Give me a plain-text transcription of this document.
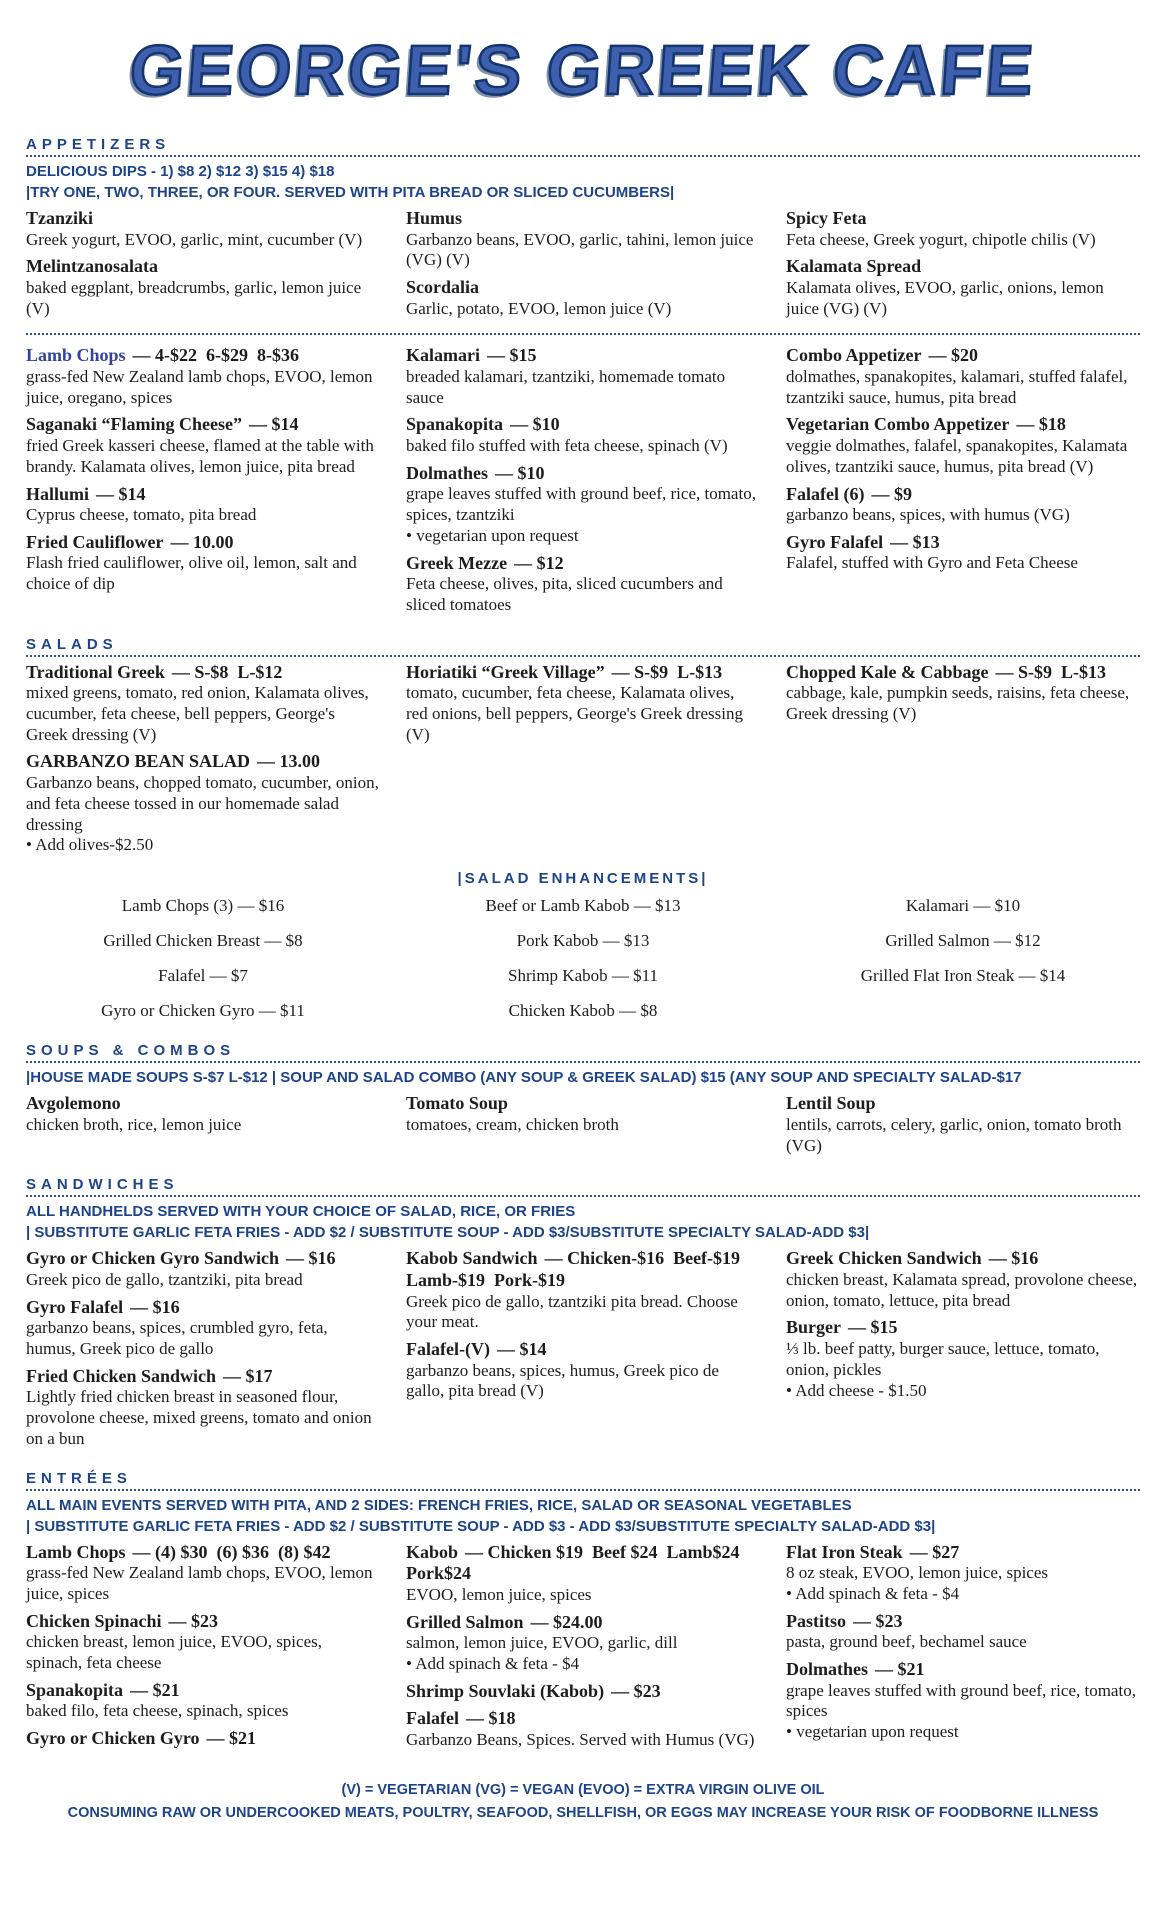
GEORGE'S GREEK CAFE
APPETIZERS
DELICIOUS DIPS - 1) $8 2) $12 3) $15 4) $18
|TRY ONE, TWO, THREE, OR FOUR. SERVED WITH PITA BREAD OR SLICED CUCUMBERS|
Tzanziki
Greek yogurt, EVOO, garlic, mint, cucumber (V)
Melintzanosalata
baked eggplant, breadcrumbs, garlic, lemon juice (V)
Humus
Garbanzo beans, EVOO, garlic, tahini, lemon juice (VG) (V)
Scordalia
Garlic, potato, EVOO, lemon juice (V)
Spicy Feta
Feta cheese, Greek yogurt, chipotle chilis (V)
Kalamata Spread
Kalamata olives, EVOO, garlic, onions, lemon juice (VG) (V)
Lamb Chops — 4-$22  6-$29  8-$36
grass-fed New Zealand lamb chops, EVOO, lemon juice, oregano, spices
Saganaki “Flaming Cheese” — $14
fried Greek kasseri cheese, flamed at the table with brandy. Kalamata olives, lemon juice, pita bread
Hallumi — $14
Cyprus cheese, tomato, pita bread
Fried Cauliflower — 10.00
Flash fried cauliflower, olive oil, lemon, salt and choice of dip
Kalamari — $15
breaded kalamari, tzantziki, homemade tomato sauce
Spanakopita — $10
baked filo stuffed with feta cheese, spinach (V)
Dolmathes — $10
grape leaves stuffed with ground beef, rice, tomato, spices, tzantziki
• vegetarian upon request
Greek Mezze — $12
Feta cheese, olives, pita, sliced cucumbers and sliced tomatoes
Combo Appetizer — $20
dolmathes, spanakopites, kalamari, stuffed falafel, tzantziki sauce, humus, pita bread
Vegetarian Combo Appetizer — $18
veggie dolmathes, falafel, spanakopites, Kalamata olives, tzantziki sauce, humus, pita bread (V)
Falafel (6) — $9
garbanzo beans, spices, with humus (VG)
Gyro Falafel — $13
Falafel, stuffed with Gyro and Feta Cheese
SALADS
Traditional Greek — S-$8  L-$12
mixed greens, tomato, red onion, Kalamata olives, cucumber, feta cheese, bell peppers, George's Greek dressing (V)
GARBANZO BEAN SALAD — 13.00
Garbanzo beans, chopped tomato, cucumber, onion, and feta cheese tossed in our homemade salad dressing
• Add olives-$2.50
Horiatiki “Greek Village” — S-$9  L-$13
tomato, cucumber, feta cheese, Kalamata olives, red onions, bell peppers, George's Greek dressing (V)
Chopped Kale & Cabbage — S-$9  L-$13
cabbage, kale, pumpkin seeds, raisins, feta cheese, Greek dressing (V)
|SALAD ENHANCEMENTS|
Lamb Chops (3) — $16
Grilled Chicken Breast — $8
Falafel — $7
Gyro or Chicken Gyro — $11
Beef or Lamb Kabob — $13
Pork Kabob — $13
Shrimp Kabob — $11
Chicken Kabob — $8
Kalamari — $10
Grilled Salmon — $12
Grilled Flat Iron Steak — $14
SOUPS & COMBOS
|HOUSE MADE SOUPS S-$7 L-$12 | SOUP AND SALAD COMBO (ANY SOUP & GREEK SALAD) $15 (ANY SOUP AND SPECIALTY SALAD-$17
Avgolemono
chicken broth, rice, lemon juice
Tomato Soup
tomatoes, cream, chicken broth
Lentil Soup
lentils, carrots, celery, garlic, onion, tomato broth (VG)
SANDWICHES
ALL HANDHELDS SERVED WITH YOUR CHOICE OF SALAD, RICE, OR FRIES
| SUBSTITUTE GARLIC FETA FRIES - ADD $2 / SUBSTITUTE SOUP - ADD $3/SUBSTITUTE SPECIALTY SALAD-ADD $3|
Gyro or Chicken Gyro Sandwich — $16
Greek pico de gallo, tzantziki, pita bread
Gyro Falafel — $16
garbanzo beans, spices, crumbled gyro, feta, humus, Greek pico de gallo
Fried Chicken Sandwich — $17
Lightly fried chicken breast in seasoned flour, provolone cheese, mixed greens, tomato and onion on a bun
Kabob Sandwich — Chicken-$16  Beef-$19  Lamb-$19  Pork-$19
Greek pico de gallo, tzantziki pita bread. Choose your meat.
Falafel-(V) — $14
garbanzo beans, spices, humus, Greek pico de gallo, pita bread (V)
Greek Chicken Sandwich — $16
chicken breast, Kalamata spread, provolone cheese, onion, tomato, lettuce, pita bread
Burger — $15
⅓ lb. beef patty, burger sauce, lettuce, tomato, onion, pickles
• Add cheese - $1.50
ENTRÉES
ALL MAIN EVENTS SERVED WITH PITA, AND 2 SIDES: FRENCH FRIES, RICE, SALAD OR SEASONAL VEGETABLES
| SUBSTITUTE GARLIC FETA FRIES - ADD $2 / SUBSTITUTE SOUP - ADD $3 - ADD $3/SUBSTITUTE SPECIALTY SALAD-ADD $3|
Lamb Chops — (4) $30  (6) $36  (8) $42
grass-fed New Zealand lamb chops, EVOO, lemon juice, spices
Chicken Spinachi — $23
chicken breast, lemon juice, EVOO, spices, spinach, feta cheese
Spanakopita — $21
baked filo, feta cheese, spinach, spices
Gyro or Chicken Gyro — $21
Kabob — Chicken $19  Beef $24  Lamb$24  Pork$24
EVOO, lemon juice, spices
Grilled Salmon — $24.00
salmon, lemon juice, EVOO, garlic, dill
• Add spinach & feta - $4
Shrimp Souvlaki (Kabob) — $23
Falafel — $18
Garbanzo Beans, Spices. Served with Humus (VG)
Flat Iron Steak — $27
8 oz steak, EVOO, lemon juice, spices
• Add spinach & feta - $4
Pastitso — $23
pasta, ground beef, bechamel sauce
Dolmathes — $21
grape leaves stuffed with ground beef, rice, tomato, spices
• vegetarian upon request
(V) = VEGETARIAN (VG) = VEGAN (EVOO) = EXTRA VIRGIN OLIVE OIL
CONSUMING RAW OR UNDERCOOKED MEATS, POULTRY, SEAFOOD, SHELLFISH, OR EGGS MAY INCREASE YOUR RISK OF FOODBORNE ILLNESS
